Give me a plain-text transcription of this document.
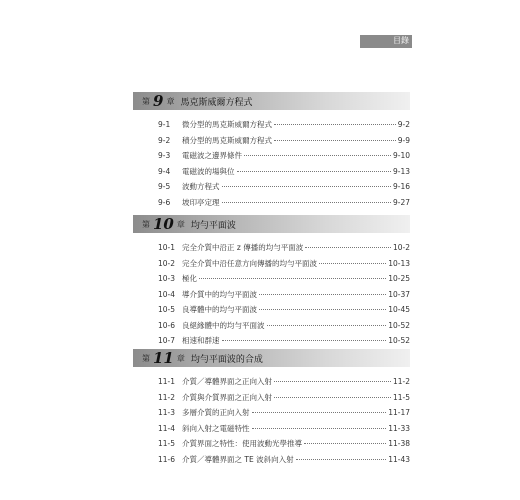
目錄
第 9 章 馬克斯威爾方程式
9-1	微分型的馬克斯威爾方程式	9-2
9-2	積分型的馬克斯威爾方程式	9-9
9-3	電磁波之邊界條件	9-10
9-4	電磁波的場與位	9-13
9-5	波動方程式	9-16
9-6	坡印亭定理	9-27
第 10 章 均勻平面波
10-1 完全介質中沿正 z 傳播的均勻平面波	10-2
10-2 完全介質中沿任意方向傳播的均勻平面波	10-13
10-3 極化	10-25
10-4 導介質中的均勻平面波	10-37
10-5 良導體中的均勻平面波	10-45
10-6 良絕緣體中的均勻平面波	10-52
10-7 相速和群速	10-52
第 11 章 均勻平面波的合成
11-1 介質／導體界面之正向入射	11-2
11-2 介質與介質界面之正向入射	11-5
11-3 多層介質的正向入射	11-17
11-4 斜向入射之電磁特性	11-33
11-5 介質界面之特性：使用波動光學推導	11-38
11-6 介質／導體界面之 TE 波斜向入射	11-43
